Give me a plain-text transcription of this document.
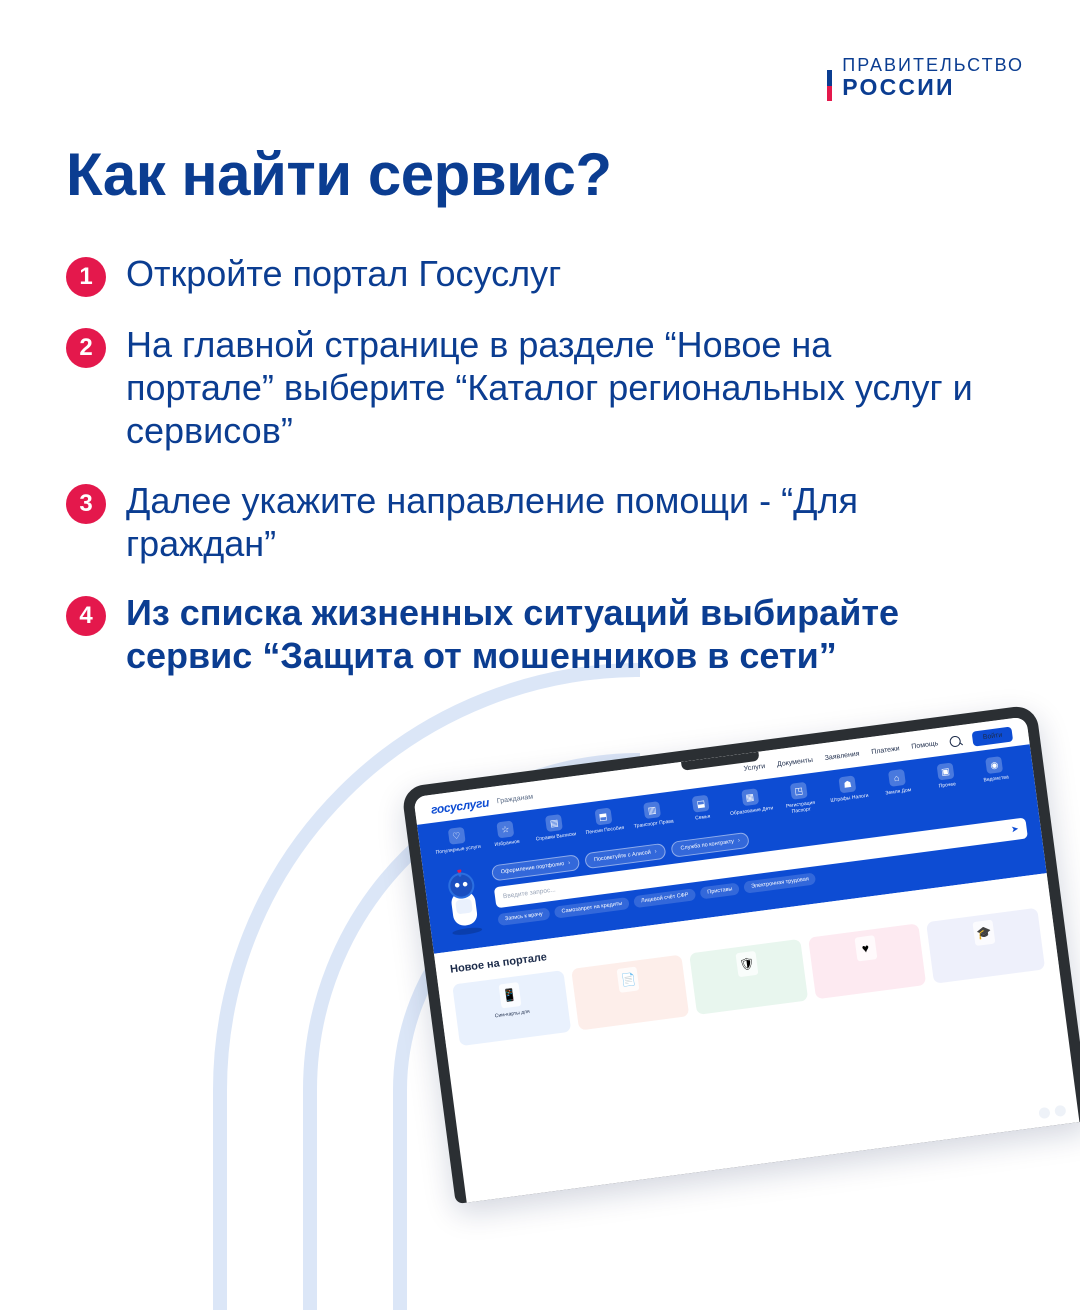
ПРАВИТЕЛЬСТВО
РОССИИ
Как найти сервис?
1 Откройте портал Госуслуг
2 На главной странице в разделе “Новое на портале” выберите “Каталог региональных услуг и сервисов”
3 Далее укажите направление помощи - “Для граждан”
4 Из списка жизненных ситуаций выбирайте сервис “Защита от мошенников в сети”
госуслуги Гражданам
Услуги Документы
Заявления Платежи Помощь
Войти
♡
Популярные услуги
☆
Избранное
▤
Справки Выписки
⬒
Пенсии Пособия
▥
Транспорт Права
⬓
Семья
▦
Образование Дети
◳
Регистрация Паспорт
☗
Штрафы Налоги
⌂
Земля Дом
▣
Прочее
◉
Ведомства
Оформление портфолио ›
Посоветуйте с Алисой ›
Служба по контракту ›
Введите запрос...
➤
Запись к врачу
Самозапрет на кредиты
Лицевой счёт СФР
Приставы
Электронная трудовая
Новое на портале
📱
Сим-карты для
📄
🛡
♥
🎓
